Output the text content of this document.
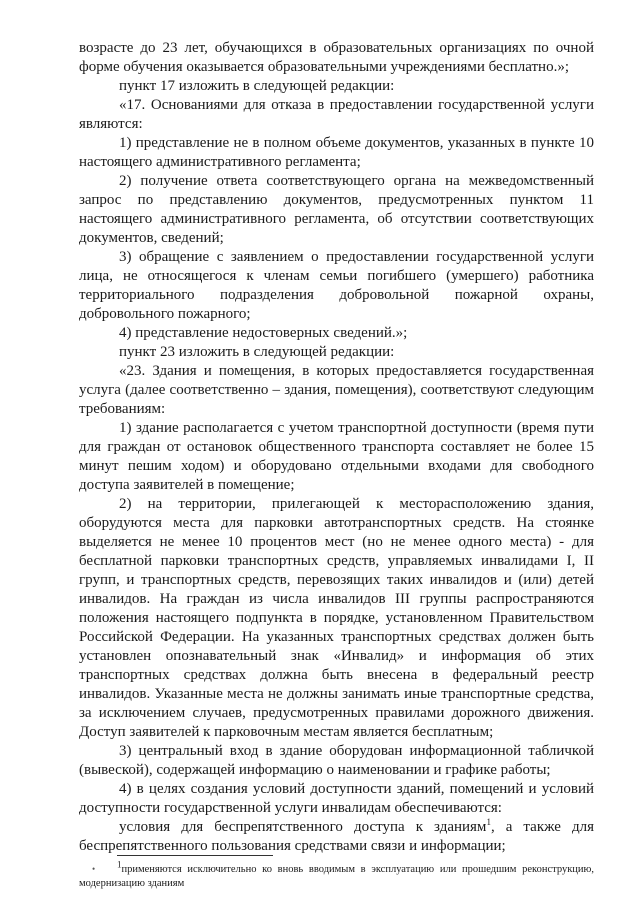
возрасте до 23 лет, обучающихся в образовательных организациях по очной форме обучения оказывается образовательными учреждениями бесплатно.»;

пункт 17 изложить в следующей редакции:

«17. Основаниями для отказа в предоставлении государственной услуги являются:

1) представление не в полном объеме документов, указанных в пункте 10 настоящего административного регламента;

2) получение ответа соответствующего органа на межведомственный запрос по представлению документов, предусмотренных пунктом 11 настоящего административного регламента, об отсутствии соответствующих документов, сведений;

3) обращение с заявлением о предоставлении государственной услуги лица, не относящегося к членам семьи погибшего (умершего) работника территориального подразделения добровольной пожарной охраны, добровольного пожарного;

4) представление недостоверных сведений.»;

пункт 23 изложить в следующей редакции:

«23. Здания и помещения, в которых предоставляется государственная услуга (далее соответственно – здания, помещения), соответствуют следующим требованиям:

1) здание располагается с учетом транспортной доступности (время пути для граждан от остановок общественного транспорта составляет не более 15 минут пешим ходом) и оборудовано отдельными входами для свободного доступа заявителей в помещение;

2) на территории, прилегающей к месторасположению здания, оборудуются места для парковки автотранспортных средств. На стоянке выделяется не менее 10 процентов мест (но не менее одного места) - для бесплатной парковки транспортных средств, управляемых инвалидами I, II групп, и транспортных средств, перевозящих таких инвалидов и (или) детей инвалидов. На граждан из числа инвалидов III группы распространяются положения настоящего подпункта в порядке, установленном Правительством Российской Федерации. На указанных транспортных средствах должен быть установлен опознавательный знак «Инвалид» и информация об этих транспортных средствах должна быть внесена в федеральный реестр инвалидов. Указанные места не должны занимать иные транспортные средства, за исключением случаев, предусмотренных правилами дорожного движения. Доступ заявителей к парковочным местам является бесплатным;

3) центральный вход в здание оборудован информационной табличкой (вывеской), содержащей информацию о наименовании и графике работы;

4) в целях создания условий доступности зданий, помещений и условий доступности государственной услуги инвалидам обеспечиваются:

условия для беспрепятственного доступа к зданиям$^1$, а также для беспрепятственного пользования средствами связи и информации;

•	$^1$применяются исключительно ко вновь вводимым в эксплуатацию или прошедшим реконструкцию, модернизацию зданиям
